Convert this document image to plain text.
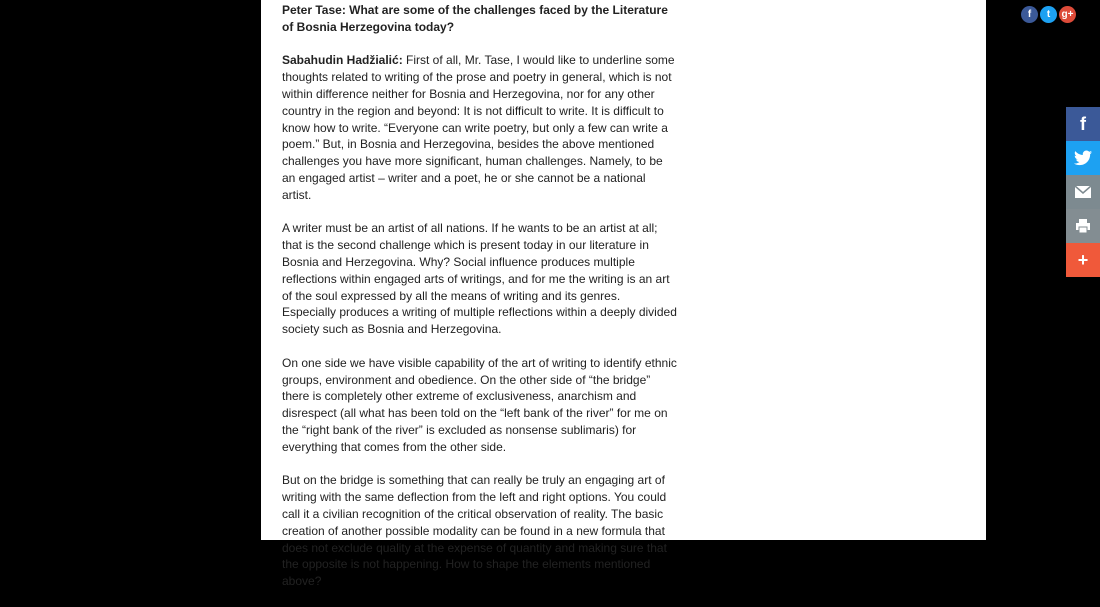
Peter Tase: What are some of the challenges faced by the Literature of Bosnia Herzegovina today?

Sabahudin Hadžialić: First of all, Mr. Tase, I would like to underline some thoughts related to writing of the prose and poetry in general, which is not within difference neither for Bosnia and Herzegovina, nor for any other country in the region and beyond: It is not difficult to write. It is difficult to know how to write. “Everyone can write poetry, but only a few can write a poem.” But, in Bosnia and Herzegovina, besides the above mentioned challenges you have more significant, human challenges. Namely, to be an engaged artist – writer and a poet, he or she cannot be a national artist.

A writer must be an artist of all nations. If he wants to be an artist at all; that is the second challenge which is present today in our literature in Bosnia and Herzegovina. Why? Social influence produces multiple reflections within engaged arts of writings, and for me the writing is an art of the soul expressed by all the means of writing and its genres. Especially produces a writing of multiple reflections within a deeply divided society such as Bosnia and Herzegovina.

On one side we have visible capability of the art of writing to identify ethnic groups, environment and obedience. On the other side of “the bridge” there is completely other extreme of exclusiveness, anarchism and disrespect (all what has been told on the “left bank of the river” for me on the “right bank of the river” is excluded as nonsense sublimaris) for everything that comes from the other side.

But on the bridge is something that can really be truly an engaging art of writing with the same deflection from the left and right options. You could call it a civilian recognition of the critical observation of reality. The basic creation of another possible modality can be found in a new formula that does not exclude quality at the expense of quantity and making sure that the opposite is not happening. How to shape the elements mentioned above?

f t g+
f
+
